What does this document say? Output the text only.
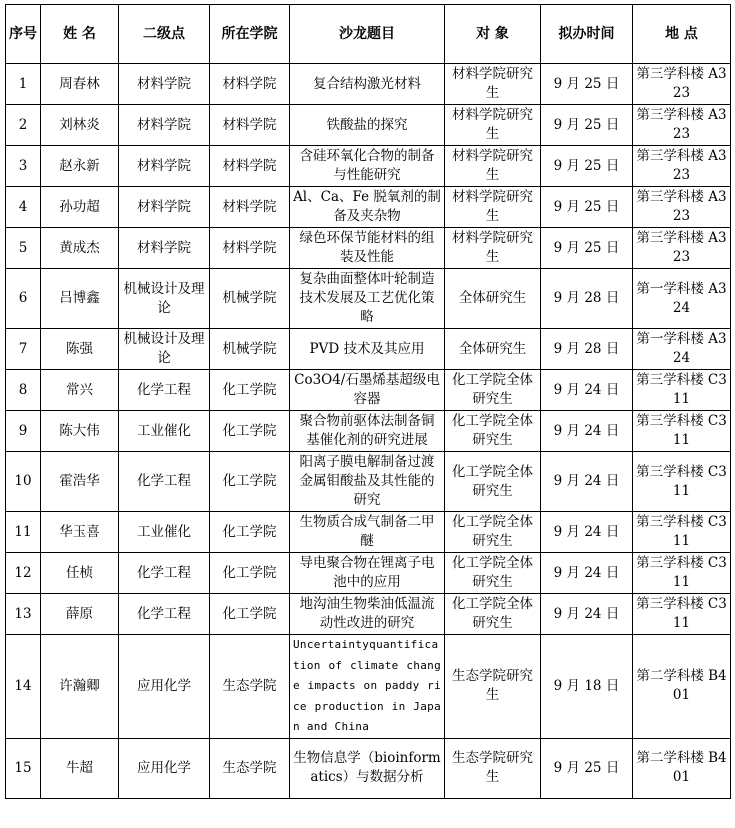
序号	姓 名	二级点	所在学院	沙龙题目	对 象	拟办时间	地 点
1	周春林	材料学院	材料学院	复合结构激光材料	材料学院研究生	9 月 25 日	第三学科楼 A323
2	刘林炎	材料学院	材料学院	铁酸盐的探究	材料学院研究生	9 月 25 日	第三学科楼 A323
3	赵永新	材料学院	材料学院	含硅环氧化合物的制备与性能研究	材料学院研究生	9 月 25 日	第三学科楼 A323
4	孙功超	材料学院	材料学院	Al、Ca、Fe 脱氧剂的制备及夹杂物	材料学院研究生	9 月 25 日	第三学科楼 A323
5	黄成杰	材料学院	材料学院	绿色环保节能材料的组装及性能	材料学院研究生	9 月 25 日	第三学科楼 A323
6	吕博鑫	机械设计及理论	机械学院	复杂曲面整体叶轮制造技术发展及工艺优化策略	全体研究生	9 月 28 日	第一学科楼 A324
7	陈强	机械设计及理论	机械学院	PVD 技术及其应用	全体研究生	9 月 28 日	第一学科楼 A324
8	常兴	化学工程	化工学院	Co3O4/石墨烯基超级电容器	化工学院全体研究生	9 月 24 日	第三学科楼 C311
9	陈大伟	工业催化	化工学院	聚合物前驱体法制备铜基催化剂的研究进展	化工学院全体研究生	9 月 24 日	第三学科楼 C311
10	霍浩华	化学工程	化工学院	阳离子膜电解制备过渡金属钼酸盐及其性能的研究	化工学院全体研究生	9 月 24 日	第三学科楼 C311
11	华玉喜	工业催化	化工学院	生物质合成气制备二甲醚	化工学院全体研究生	9 月 24 日	第三学科楼 C311
12	任桢	化学工程	化工学院	导电聚合物在锂离子电池中的应用	化工学院全体研究生	9 月 24 日	第三学科楼 C311
13	薛原	化学工程	化工学院	地沟油生物柴油低温流动性改进的研究	化工学院全体研究生	9 月 24 日	第三学科楼 C311
14	许瀚卿	应用化学	生态学院	Uncertaintyquantification of climate change impacts on paddy rice production in Japan and China	生态学院研究生	9 月 18 日	第二学科楼 B401
15	牛超	应用化学	生态学院	生物信息学（bioinformatics）与数据分析	生态学院研究生	9 月 25 日	第二学科楼 B401
